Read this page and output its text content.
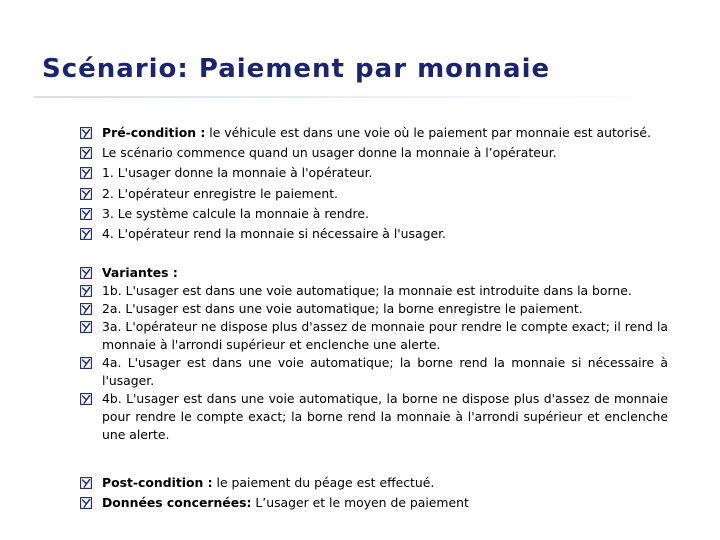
Scénario: Paiement par monnaie
Pré-condition : le véhicule est dans une voie où le paiement par monnaie est autorisé.
Le scénario commence quand un usager donne la monnaie à l’opérateur.
1. L'usager donne la monnaie à l'opérateur.
2. L'opérateur enregistre le paiement.
3. Le système calcule la monnaie à rendre.
4. L'opérateur rend la monnaie si nécessaire à l'usager.
Variantes :
1b. L'usager est dans une voie automatique; la monnaie est introduite dans la borne.
2a. L'usager est dans une voie automatique; la borne enregistre le paiement.
3a. L'opérateur ne dispose plus d'assez de monnaie pour rendre le compte exact; il rend la monnaie à l'arrondi supérieur et enclenche une alerte.
4a. L'usager est dans une voie automatique; la borne rend la monnaie si nécessaire à l'usager.
4b. L'usager est dans une voie automatique, la borne ne dispose plus d'assez de monnaie pour rendre le compte exact; la borne rend la monnaie à l'arrondi supérieur et enclenche une alerte.
Post-condition : le paiement du péage est effectué.
Données concernées: L’usager et le moyen de paiement
